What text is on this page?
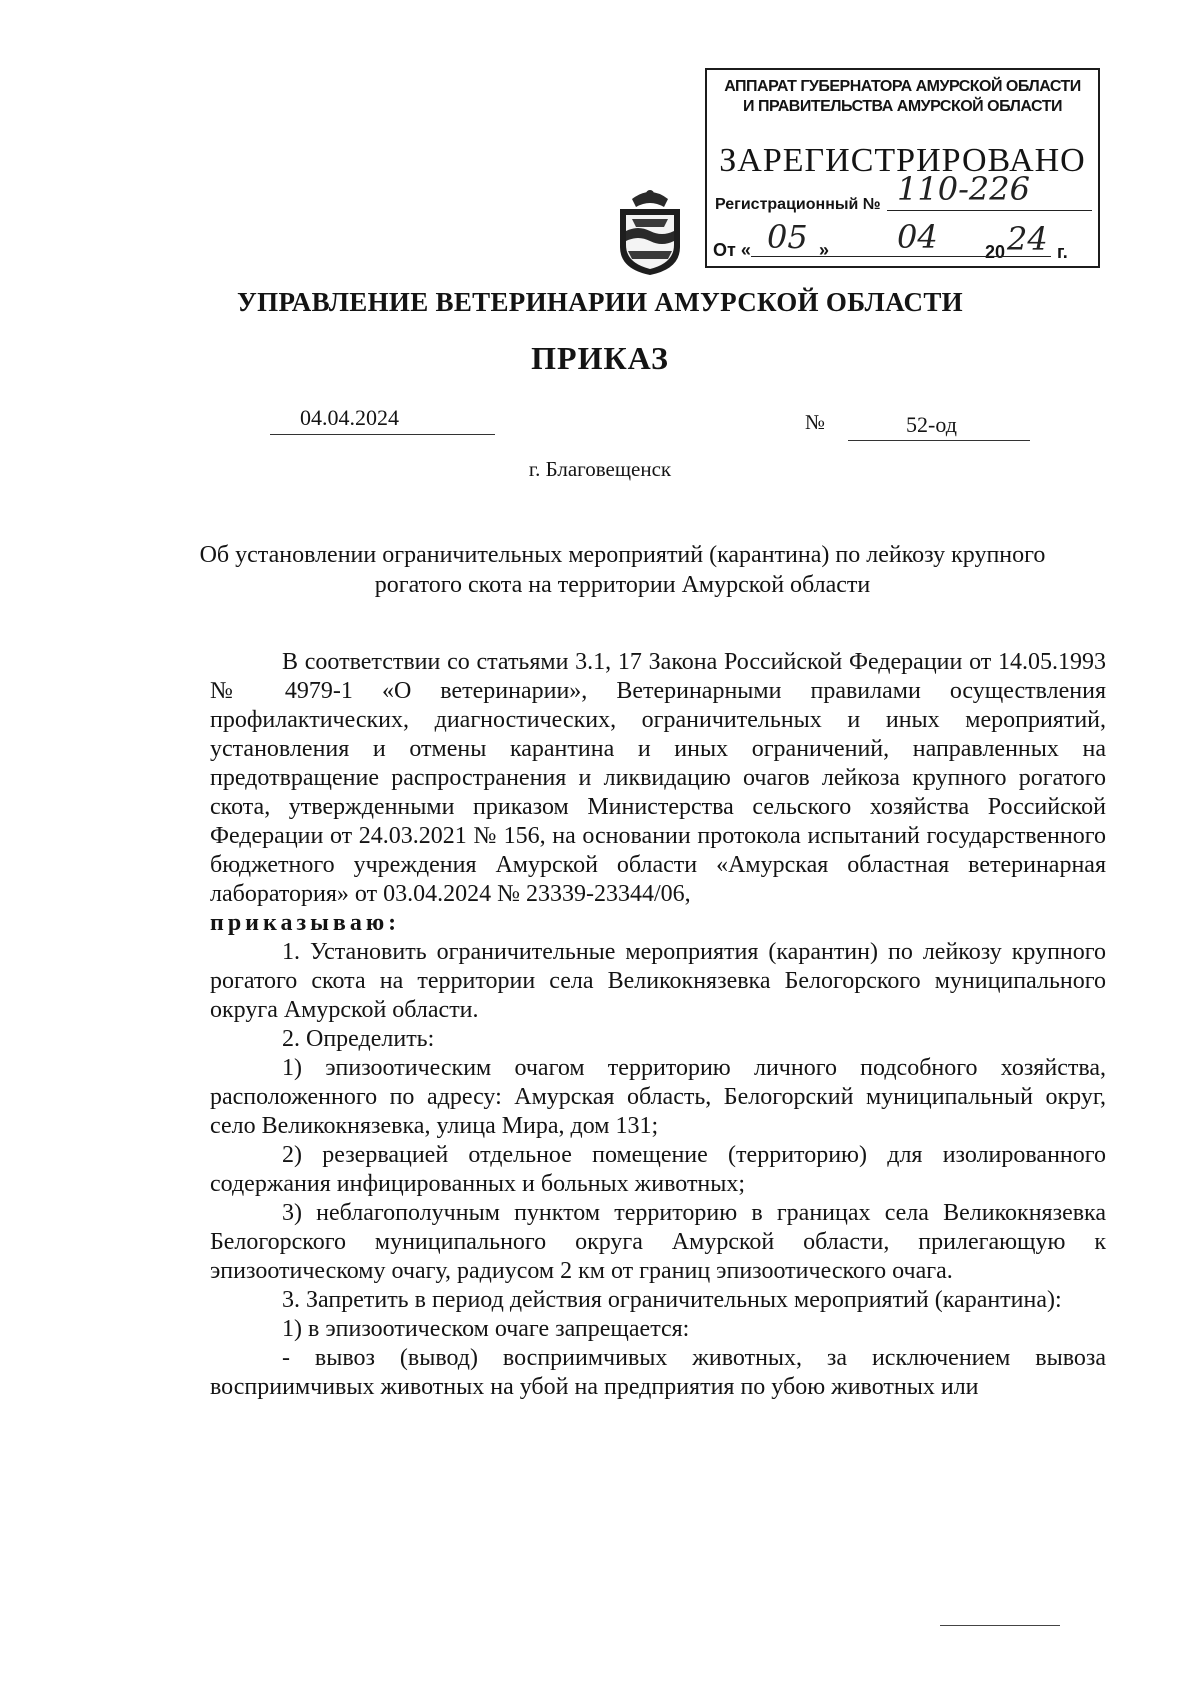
АППАРАТ ГУБЕРНАТОРА АМУРСКОЙ ОБЛАСТИ
И ПРАВИТЕЛЬСТВА АМУРСКОЙ ОБЛАСТИ
ЗАРЕГИСТРИРОВАНО
Регистрационный № 110-226
От « 05 » 04	20 24 г.
УПРАВЛЕНИЕ ВЕТЕРИНАРИИ АМУРСКОЙ ОБЛАСТИ
ПРИКАЗ
04.04.2024	№	52-од
г. Благовещенск
Об установлении ограничительных мероприятий (карантина) по лейкозу крупного рогатого скота на территории Амурской области

В соответствии со статьями 3.1, 17 Закона Российской Федерации от 14.05.1993 № 4979-1 «О ветеринарии», Ветеринарными правилами осуществления профилактических, диагностических, ограничительных и иных мероприятий, установления и отмены карантина и иных ограничений, направленных на предотвращение распространения и ликвидацию очагов лейкоза крупного рогатого скота, утвержденными приказом Министерства сельского хозяйства Российской Федерации от 24.03.2021 № 156, на основании протокола испытаний государственного бюджетного учреждения Амурской области «Амурская областная ветеринарная лаборатория» от 03.04.2024 № 23339-23344/06,

приказываю:

1. Установить ограничительные мероприятия (карантин) по лейкозу крупного рогатого скота на территории села Великокнязевка Белогорского муниципального округа Амурской области.

2. Определить:

1) эпизоотическим очагом территорию личного подсобного хозяйства, расположенного по адресу: Амурская область, Белогорский муниципальный округ, село Великокнязевка, улица Мира, дом 131;

2) резервацией отдельное помещение (территорию) для изолированного содержания инфицированных и больных животных;

3) неблагополучным пунктом территорию в границах села Великокнязевка Белогорского муниципального округа Амурской области, прилегающую к эпизоотическому очагу, радиусом 2 км от границ эпизоотического очага.

3. Запретить в период действия ограничительных мероприятий (карантина):

1) в эпизоотическом очаге запрещается:

- вывоз (вывод) восприимчивых животных, за исключением вывоза восприимчивых животных на убой на предприятия по убою животных или
